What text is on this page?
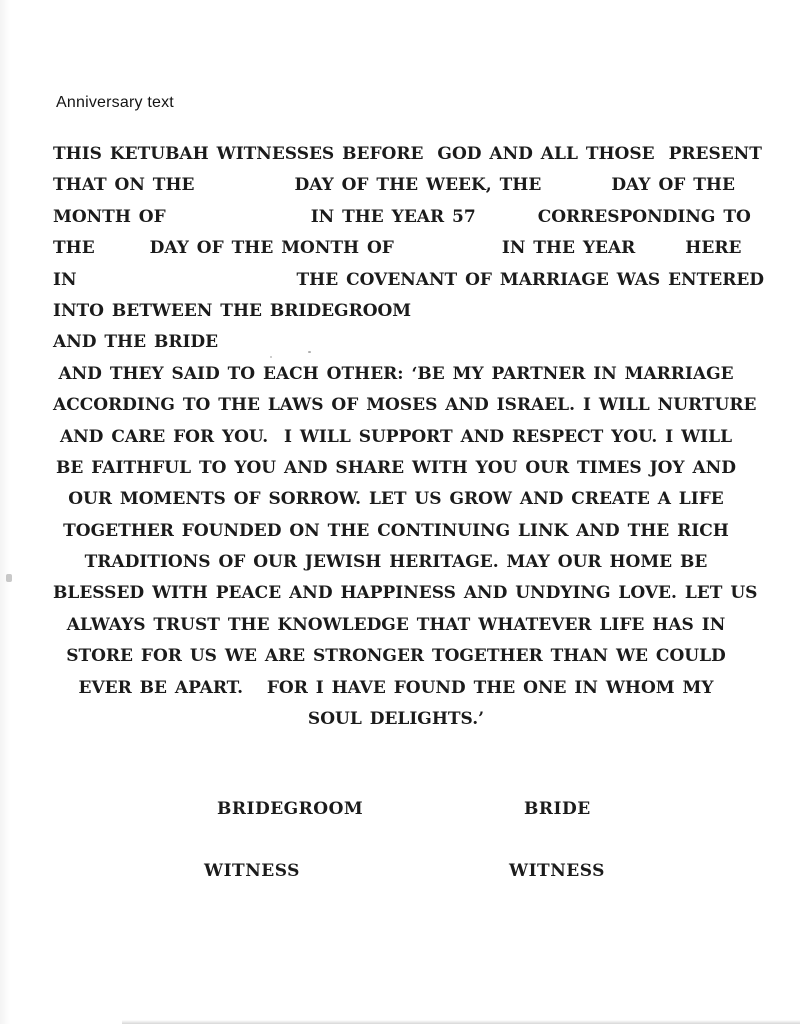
Anniversary text
THIS KETUBAH WITNESSES BEFORE GOD AND ALL THOSE PRESENT
THAT ON THE	DAY OF THE WEEK, THE	DAY OF THE
MONTH OF	IN THE YEAR 57	CORRESPONDING TO
THE	DAY OF THE MONTH OF	IN THE YEAR	HERE
IN	THE COVENANT OF MARRIAGE WAS ENTERED
INTO BETWEEN THE BRIDEGROOM
AND THE BRIDE
AND THEY SAID TO EACH OTHER: ‘BE MY PARTNER IN MARRIAGE
ACCORDING TO THE LAWS OF MOSES AND ISRAEL. I WILL NURTURE
AND CARE FOR YOU.  I WILL SUPPORT AND RESPECT YOU. I WILL
BE FAITHFUL TO YOU AND SHARE WITH YOU OUR TIMES JOY AND
OUR MOMENTS OF SORROW. LET US GROW AND CREATE A LIFE
TOGETHER FOUNDED ON THE CONTINUING LINK AND THE RICH
TRADITIONS OF OUR JEWISH HERITAGE. MAY OUR HOME BE
BLESSED WITH PEACE AND HAPPINESS AND UNDYING LOVE. LET US
ALWAYS TRUST THE KNOWLEDGE THAT WHATEVER LIFE HAS IN
STORE FOR US WE ARE STRONGER TOGETHER THAN WE COULD
EVER BE APART.   FOR I HAVE FOUND THE ONE IN WHOM MY
SOUL DELIGHTS.’
BRIDEGROOM	BRIDE
WITNESS	WITNESS
